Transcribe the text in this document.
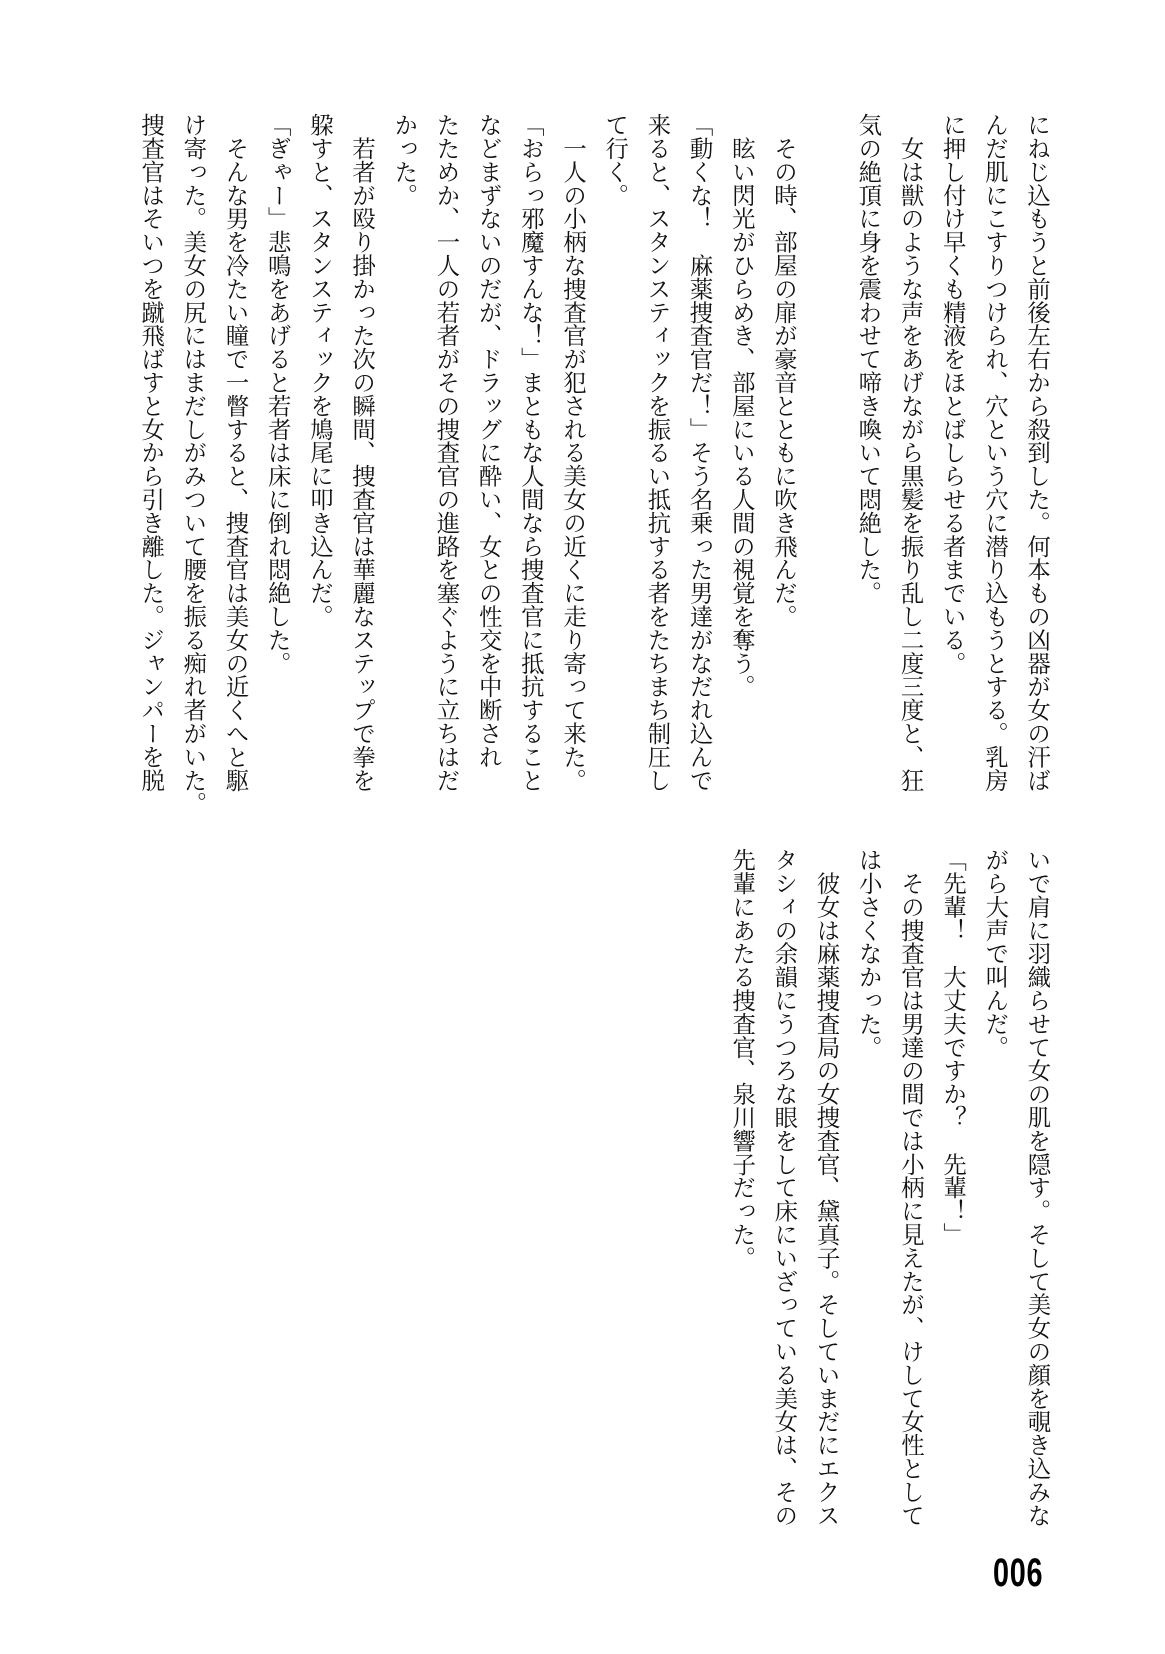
にねじ込もうと前後左右から殺到した。何本もの凶器が女の汗ば
んだ肌にこすりつけられ、穴という穴に潜り込もうとする。乳房
に押し付け早くも精液をほとばしらせる者までいる。
　女は獣のような声をあげながら黒髪を振り乱し二度三度と、狂
気の絶頂に身を震わせて啼き喚いて悶絶した。
　その時、部屋の扉が豪音とともに吹き飛んだ。
　眩い閃光がひらめき、部屋にいる人間の視覚を奪う。
「動くな！　麻薬捜査官だ！」そう名乗った男達がなだれ込んで
来ると、スタンスティックを振るい抵抗する者をたちまち制圧し
て行く。
　一人の小柄な捜査官が犯される美女の近くに走り寄って来た。
「おらっ邪魔すんな！」まともな人間なら捜査官に抵抗すること
などまずないのだが、ドラッグに酔い、女との性交を中断され
たためか、一人の若者がその捜査官の進路を塞ぐように立ちはだ
かった。
　若者が殴り掛かった次の瞬間、捜査官は華麗なステップで拳を
躱すと、スタンスティックを鳩尾に叩き込んだ。
「ぎゃー」悲鳴をあげると若者は床に倒れ悶絶した。
　そんな男を冷たい瞳で一瞥すると、捜査官は美女の近くへと駆
け寄った。美女の尻にはまだしがみついて腰を振る痴れ者がいた。
捜査官はそいつを蹴飛ばすと女から引き離した。ジャンパーを脱
いで肩に羽織らせて女の肌を隠す。そして美女の顔を覗き込みな
がら大声で叫んだ。
「先輩！　大丈夫ですか？　先輩！」
　その捜査官は男達の間では小柄に見えたが、けして女性として
は小さくなかった。
　彼女は麻薬捜査局の女捜査官、黛真子。そしていまだにエクス
タシィの余韻にうつろな眼をして床にいざっている美女は、その
先輩にあたる捜査官、泉川響子だった。
006
